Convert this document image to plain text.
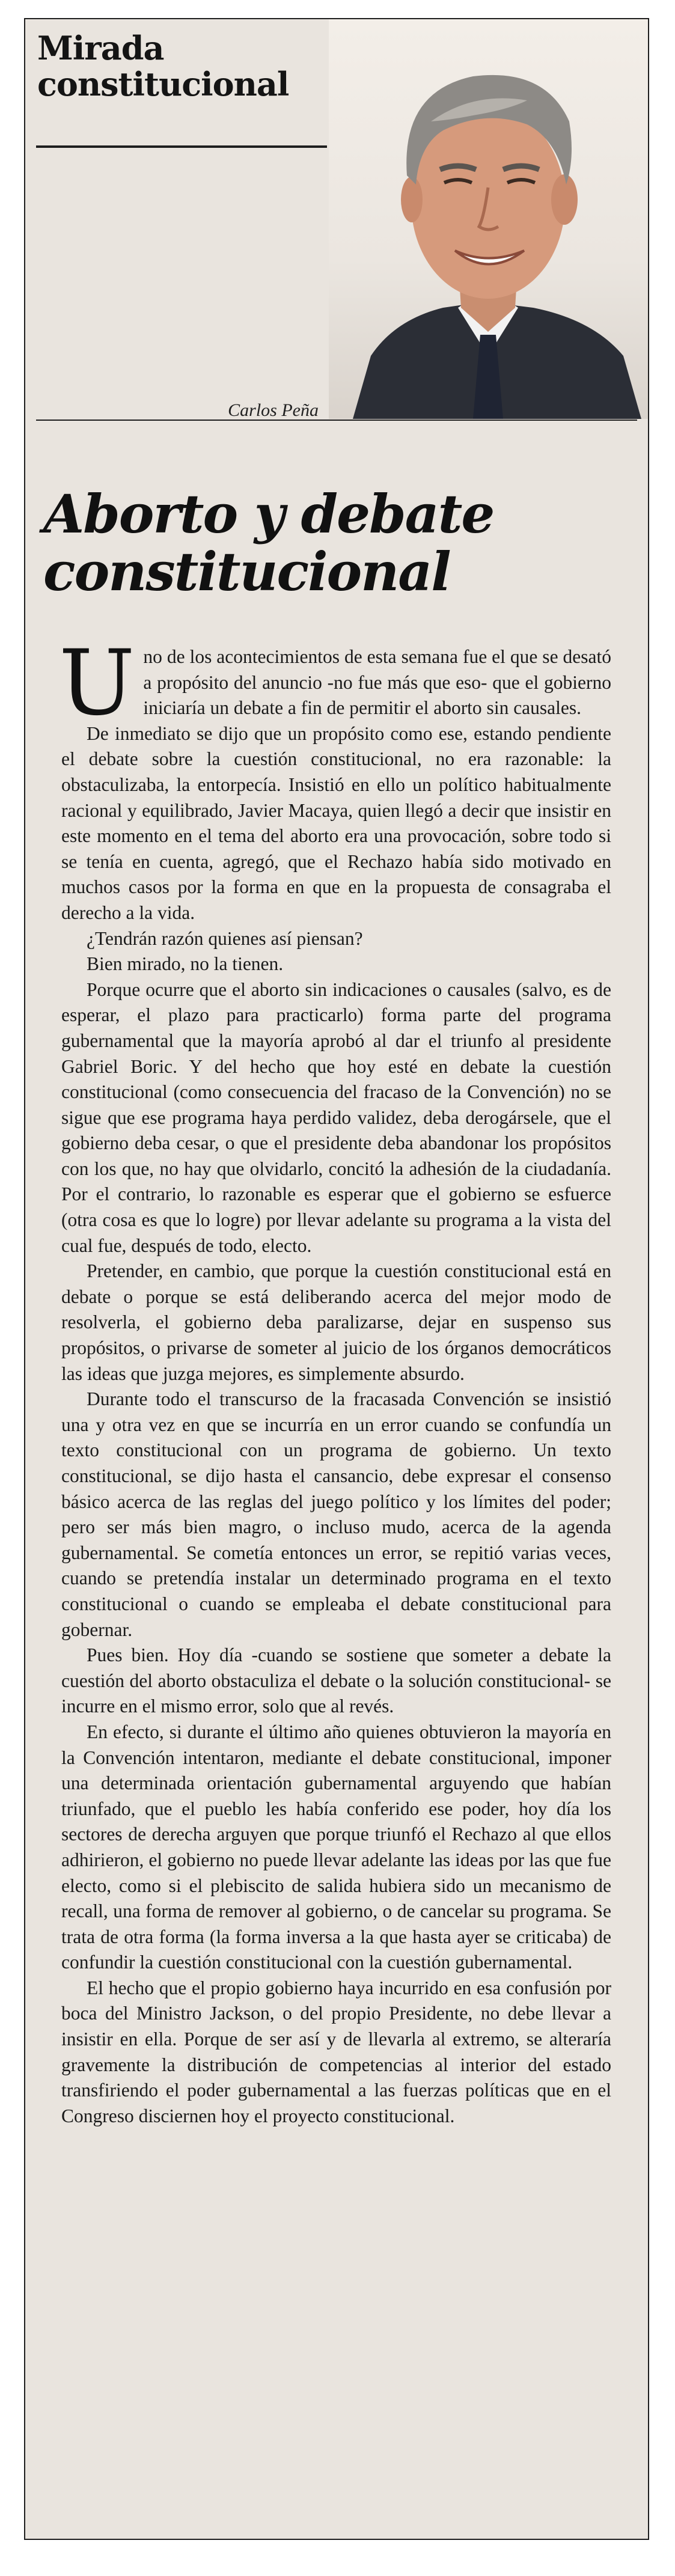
Mirada constitucional
Carlos Peña
Aborto y debate constitucional

Uno de los acontecimientos de esta semana fue el que se desató a propósito del anuncio -no fue más que eso- que el gobierno iniciaría un debate a fin de permitir el aborto sin causales.

De inmediato se dijo que un propósito como ese, estando pendiente el debate sobre la cuestión constitucional, no era razonable: la obstaculizaba, la entorpecía. Insistió en ello un político habitualmente racional y equilibrado, Javier Macaya, quien llegó a decir que insistir en este momento en el tema del aborto era una provocación, sobre todo si se tenía en cuenta, agregó, que el Rechazo había sido motivado en muchos casos por la forma en que en la propuesta de consagraba el derecho a la vida.

¿Tendrán razón quienes así piensan?

Bien mirado, no la tienen.

Porque ocurre que el aborto sin indicaciones o causales (salvo, es de esperar, el plazo para practicarlo) forma parte del programa gubernamental que la mayoría aprobó al dar el triunfo al presidente Gabriel Boric. Y del hecho que hoy esté en debate la cuestión constitucional (como consecuencia del fracaso de la Convención) no se sigue que ese programa haya perdido validez, deba derogársele, que el gobierno deba cesar, o que el presidente deba abandonar los propósitos con los que, no hay que olvidarlo, concitó la adhesión de la ciudadanía. Por el contrario, lo razonable es esperar que el gobierno se esfuerce (otra cosa es que lo logre) por llevar adelante su programa a la vista del cual fue, después de todo, electo.

Pretender, en cambio, que porque la cuestión constitucional está en debate o porque se está deliberando acerca del mejor modo de resolverla, el gobierno deba paralizarse, dejar en suspenso sus propósitos, o privarse de someter al juicio de los órganos democráticos las ideas que juzga mejores, es simplemente absurdo.

Durante todo el transcurso de la fracasada Convención se insistió una y otra vez en que se incurría en un error cuando se confundía un texto constitucional con un programa de gobierno. Un texto constitucional, se dijo hasta el cansancio, debe expresar el consenso básico acerca de las reglas del juego político y los límites del poder; pero ser más bien magro, o incluso mudo, acerca de la agenda gubernamental. Se cometía entonces un error, se repitió varias veces, cuando se pretendía instalar un determinado programa en el texto constitucional o cuando se empleaba el debate constitucional para gobernar.

Pues bien. Hoy día -cuando se sostiene que someter a debate la cuestión del aborto obstaculiza el debate o la solución constitucional- se incurre en el mismo error, solo que al revés.

En efecto, si durante el último año quienes obtuvieron la mayoría en la Convención intentaron, mediante el debate constitucional, imponer una determinada orientación gubernamental arguyendo que habían triunfado, que el pueblo les había conferido ese poder, hoy día los sectores de derecha arguyen que porque triunfó el Rechazo al que ellos adhirieron, el gobierno no puede llevar adelante las ideas por las que fue electo, como si el plebiscito de salida hubiera sido un mecanismo de recall, una forma de remover al gobierno, o de cancelar su programa. Se trata de otra forma (la forma inversa a la que hasta ayer se criticaba) de confundir la cuestión constitucional con la cuestión gubernamental.

El hecho que el propio gobierno haya incurrido en esa confusión por boca del Ministro Jackson, o del propio Presidente, no debe llevar a insistir en ella. Porque de ser así y de llevarla al extremo, se alteraría gravemente la distribución de competencias al interior del estado transfiriendo el poder gubernamental a las fuerzas políticas que en el Congreso disciernen hoy el proyecto constitucional.
